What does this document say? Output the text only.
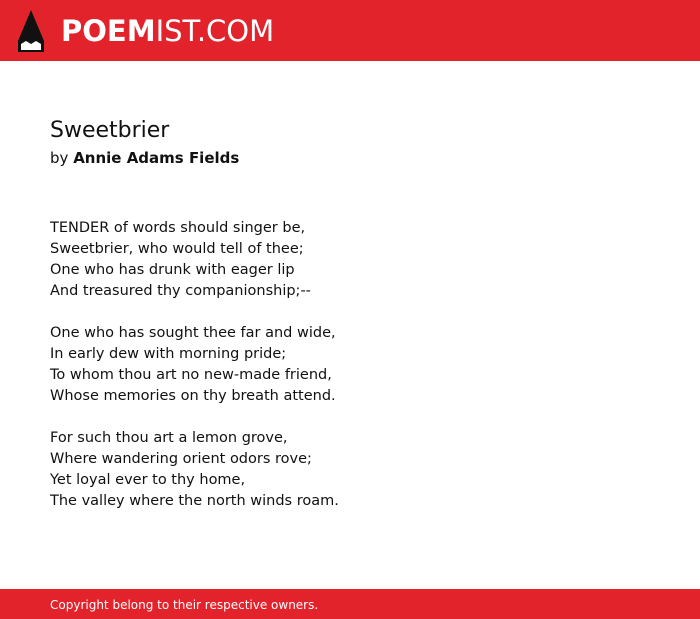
POEMIST.COM
Sweetbrier
by Annie Adams Fields

TENDER of words should singer be,
Sweetbrier, who would tell of thee;
One who has drunk with eager lip
And treasured thy companionship;--

One who has sought thee far and wide,
In early dew with morning pride;
To whom thou art no new-made friend,
Whose memories on thy breath attend.

For such thou art a lemon grove,
Where wandering orient odors rove;
Yet loyal ever to thy home,
The valley where the north winds roam.

Copyright belong to their respective owners.
